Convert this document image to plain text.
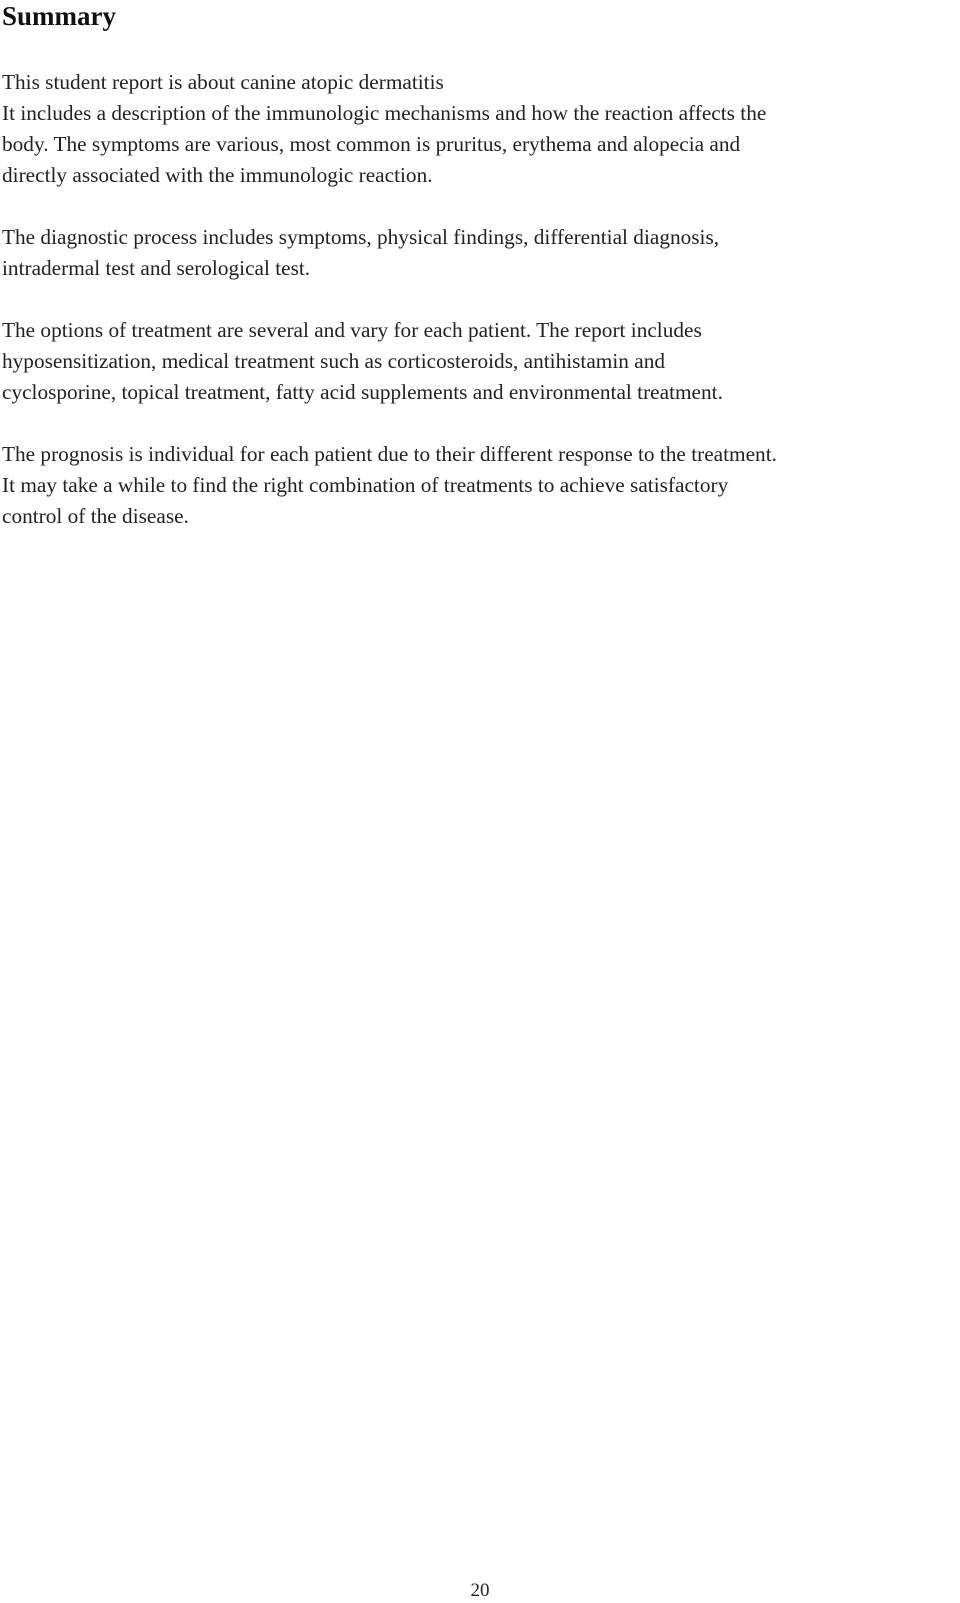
Summary

This student report is about canine atopic dermatitis
It includes a description of the immunologic mechanisms and how the reaction affects the
body. The symptoms are various, most common is pruritus, erythema and alopecia and
directly associated with the immunologic reaction.

The diagnostic process includes symptoms, physical findings, differential diagnosis,
intradermal test and serological test.

The options of treatment are several and vary for each patient. The report includes
hyposensitization, medical treatment such as corticosteroids, antihistamin and
cyclosporine, topical treatment, fatty acid supplements and environmental treatment.

The prognosis is individual for each patient due to their different response to the treatment.
It may take a while to find the right combination of treatments to achieve satisfactory
control of the disease.

20
